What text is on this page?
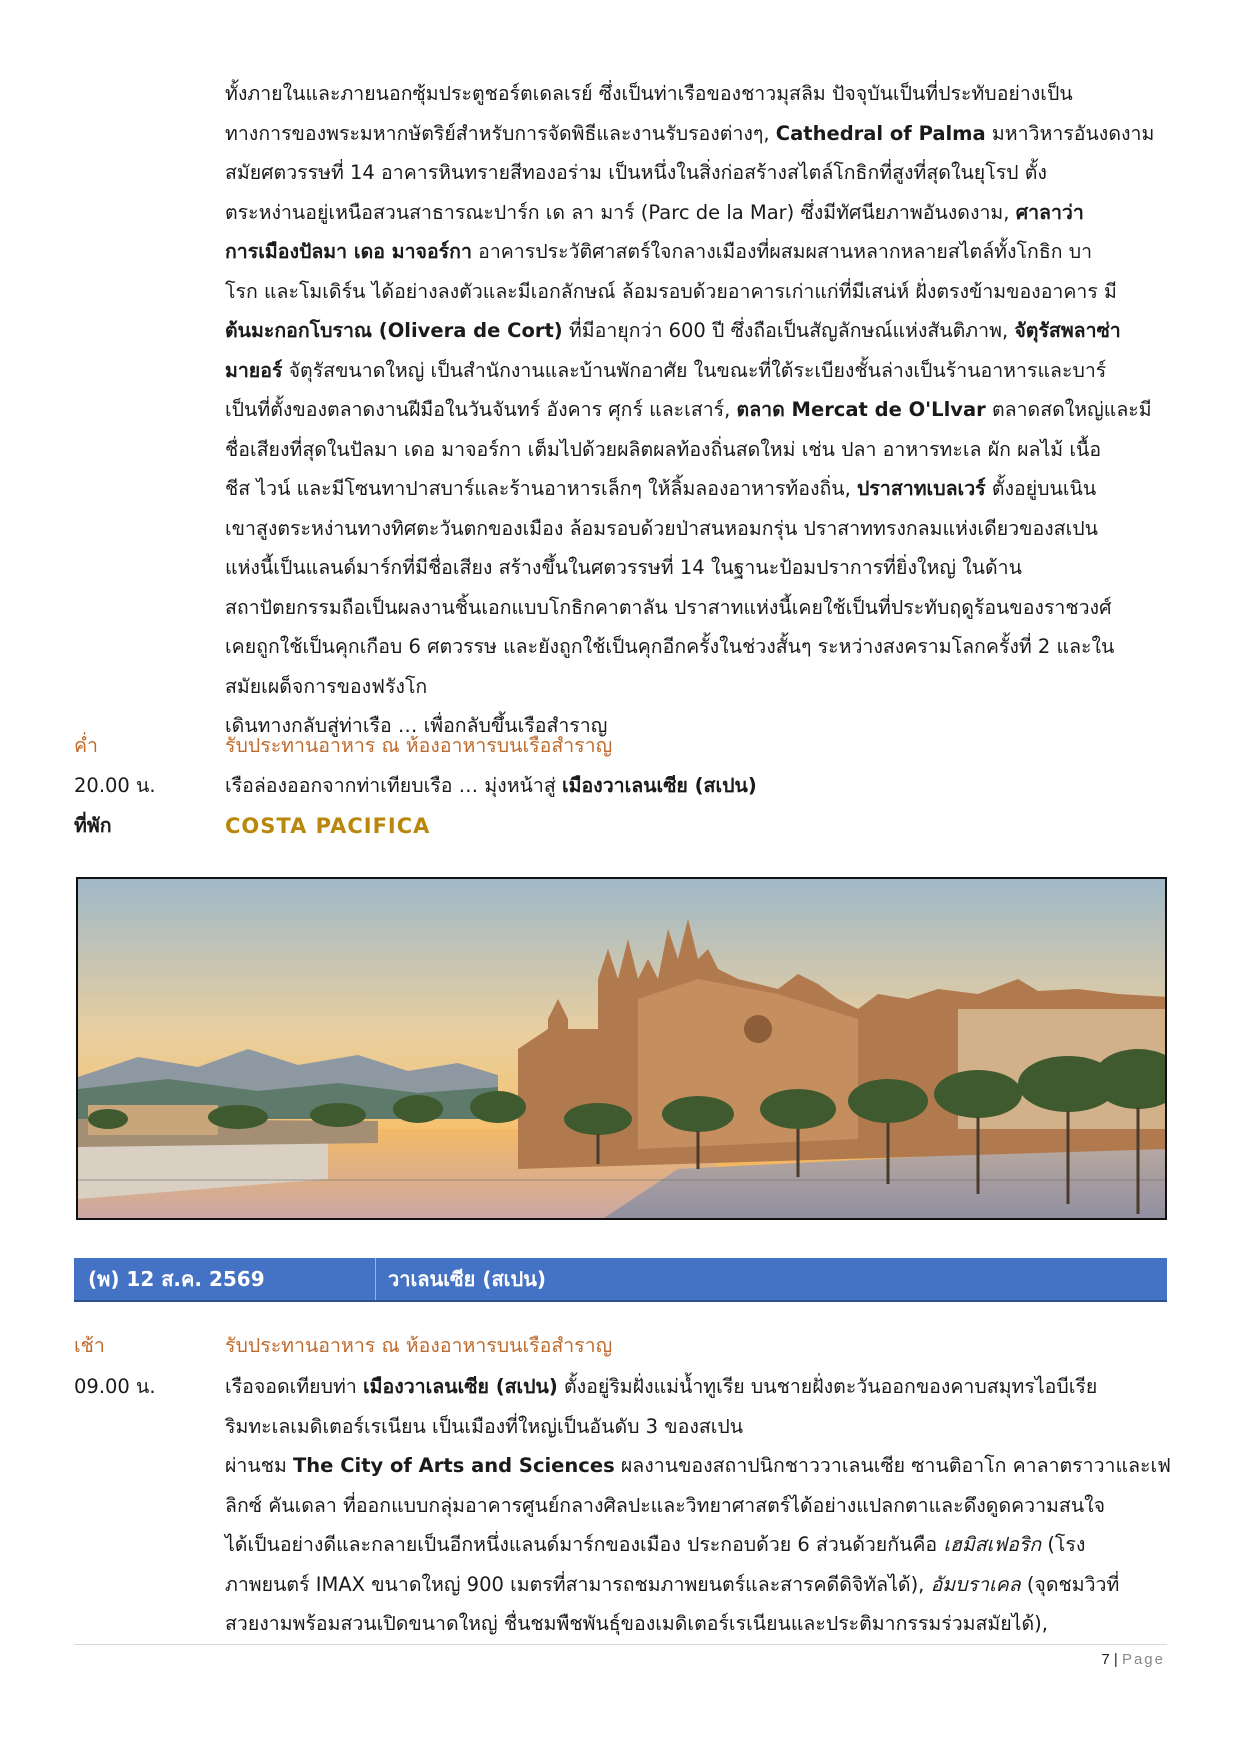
ทั้งภายในและภายนอกซุ้มประตูชอร์ตเดลเรย์ ซึ่งเป็นท่าเรือของชาวมุสลิม ปัจจุบันเป็นที่ประทับอย่างเป็น

ทางการของพระมหากษัตริย์สำหรับการจัดพิธีและงานรับรองต่างๆ, Cathedral of Palma มหาวิหารอันงดงาม

สมัยศตวรรษที่ 14 อาคารหินทรายสีทองอร่าม เป็นหนึ่งในสิ่งก่อสร้างสไตล์โกธิกที่สูงที่สุดในยุโรป ตั้ง

ตระหง่านอยู่เหนือสวนสาธารณะปาร์ก เด ลา มาร์ (Parc de la Mar) ซึ่งมีทัศนียภาพอันงดงาม, ศาลาว่า

การเมืองปัลมา เดอ มาจอร์กา อาคารประวัติศาสตร์ใจกลางเมืองที่ผสมผสานหลากหลายสไตล์ทั้งโกธิก บา

โรก และโมเดิร์น ได้อย่างลงตัวและมีเอกลักษณ์ ล้อมรอบด้วยอาคารเก่าแก่ที่มีเสน่ห์ ฝั่งตรงข้ามของอาคาร มี

ต้นมะกอกโบราณ (Olivera de Cort) ที่มีอายุกว่า 600 ปี ซึ่งถือเป็นสัญลักษณ์แห่งสันติภาพ, จัตุรัสพลาซ่า

มายอร์ จัตุรัสขนาดใหญ่ เป็นสำนักงานและบ้านพักอาศัย ในขณะที่ใต้ระเบียงชั้นล่างเป็นร้านอาหารและบาร์

เป็นที่ตั้งของตลาดงานฝีมือในวันจันทร์ อังคาร ศุกร์ และเสาร์, ตลาด Mercat de O'Llvar ตลาดสดใหญ่และมี

ชื่อเสียงที่สุดในปัลมา เดอ มาจอร์กา เต็มไปด้วยผลิตผลท้องถิ่นสดใหม่ เช่น ปลา อาหารทะเล ผัก ผลไม้ เนื้อ

ชีส ไวน์ และมีโซนทาปาสบาร์และร้านอาหารเล็กๆ ให้ลิ้มลองอาหารท้องถิ่น, ปราสาทเบลเวร์ ตั้งอยู่บนเนิน

เขาสูงตระหง่านทางทิศตะวันตกของเมือง ล้อมรอบด้วยป่าสนหอมกรุ่น ปราสาททรงกลมแห่งเดียวของสเปน

แห่งนี้เป็นแลนด์มาร์กที่มีชื่อเสียง สร้างขึ้นในศตวรรษที่ 14 ในฐานะป้อมปราการที่ยิ่งใหญ่ ในด้าน

สถาปัตยกรรมถือเป็นผลงานชิ้นเอกแบบโกธิกคาตาลัน ปราสาทแห่งนี้เคยใช้เป็นที่ประทับฤดูร้อนของราชวงศ์

เคยถูกใช้เป็นคุกเกือบ 6 ศตวรรษ และยังถูกใช้เป็นคุกอีกครั้งในช่วงสั้นๆ ระหว่างสงครามโลกครั้งที่ 2 และใน

สมัยเผด็จการของฟรังโก

เดินทางกลับสู่ท่าเรือ … เพื่อกลับขึ้นเรือสำราญ

ค่ำ	รับประทานอาหาร ณ ห้องอาหารบนเรือสำราญ
20.00 น.	เรือล่องออกจากท่าเทียบเรือ … มุ่งหน้าสู่ เมืองวาเลนเซีย (สเปน)
ที่พัก	COSTA PACIFICA
(พ) 12 ส.ค. 2569	วาเลนเซีย (สเปน)
เช้า	รับประทานอาหาร ณ ห้องอาหารบนเรือสำราญ
09.00 น.	เรือจอดเทียบท่า เมืองวาเลนเซีย (สเปน) ตั้งอยู่ริมฝั่งแม่น้ำทูเรีย บนชายฝั่งตะวันออกของคาบสมุทรไอบีเรีย

ริมทะเลเมดิเตอร์เรเนียน เป็นเมืองที่ใหญ่เป็นอันดับ 3 ของสเปน

ผ่านชม The City of Arts and Sciences ผลงานของสถาปนิกชาววาเลนเซีย ซานติอาโก คาลาตราวาและเฟ

ลิกซ์ คันเดลา ที่ออกแบบกลุ่มอาคารศูนย์กลางศิลปะและวิทยาศาสตร์ได้อย่างแปลกตาและดึงดูดความสนใจ

ได้เป็นอย่างดีและกลายเป็นอีกหนึ่งแลนด์มาร์กของเมือง ประกอบด้วย 6 ส่วนด้วยกันคือ เฮมิสเฟอริก (โรง

ภาพยนตร์ IMAX ขนาดใหญ่ 900 เมตรที่สามารถชมภาพยนตร์และสารคดีดิจิทัลได้), อัมบราเคล (จุดชมวิวที่

สวยงามพร้อมสวนเปิดขนาดใหญ่ ชื่นชมพืชพันธุ์ของเมดิเตอร์เรเนียนและประติมากรรมร่วมสมัยได้),

7 | Page
